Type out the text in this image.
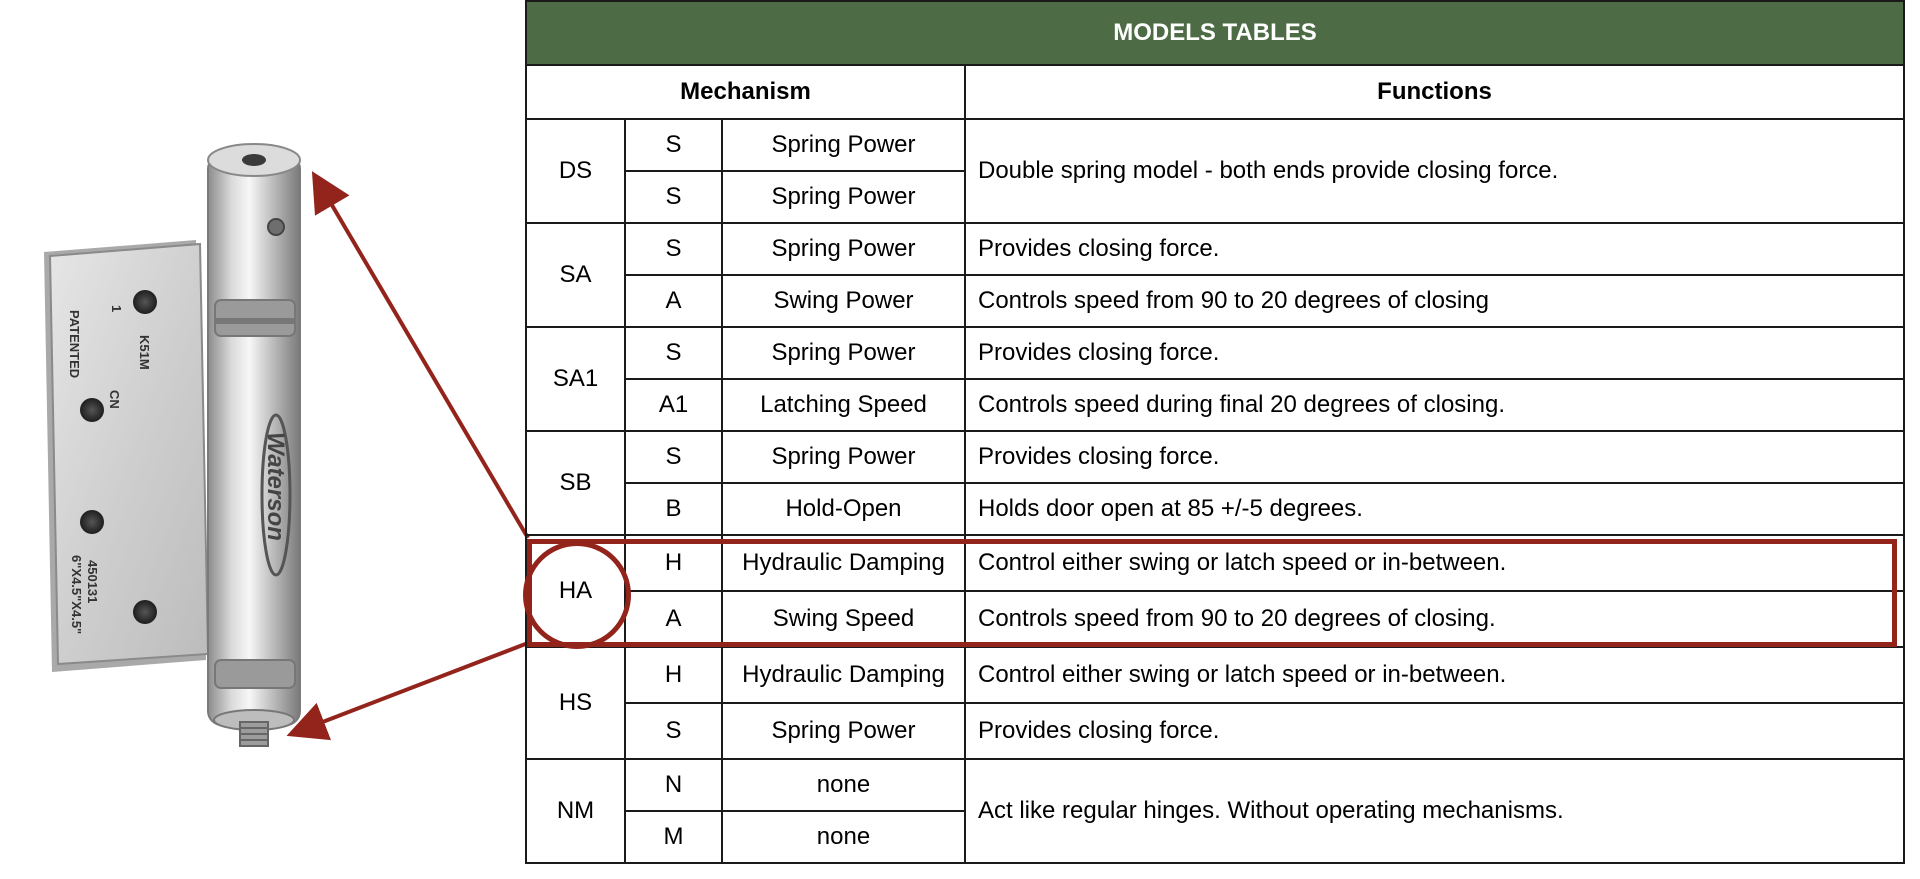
K51M
1
CN
PATENTED
450131
6"X4.5"X4.5"
Waterson
MODELS TABLES			
Mechanism			Functions
DS	S	Spring Power	Double spring model - both ends provide closing force.
	S	Spring Power	
SA	S	Spring Power	Provides closing force.
	A	Swing Power	Controls speed from 90 to 20 degrees of closing
SA1	S	Spring Power	Provides closing force.
	A1	Latching Speed	Controls speed during final 20 degrees of closing.
SB	S	Spring Power	Provides closing force.
	B	Hold-Open	Holds door open at 85 +/-5 degrees.
HA	H	Hydraulic Damping	Control either swing or latch speed or in-between.
	A	Swing Speed	Controls speed from 90 to 20 degrees of closing.
HS	H	Hydraulic Damping	Control either swing or latch speed or in-between.
	S	Spring Power	Provides closing force.
NM	N	none	Act like regular hinges. Without operating mechanisms.
	M	none	
